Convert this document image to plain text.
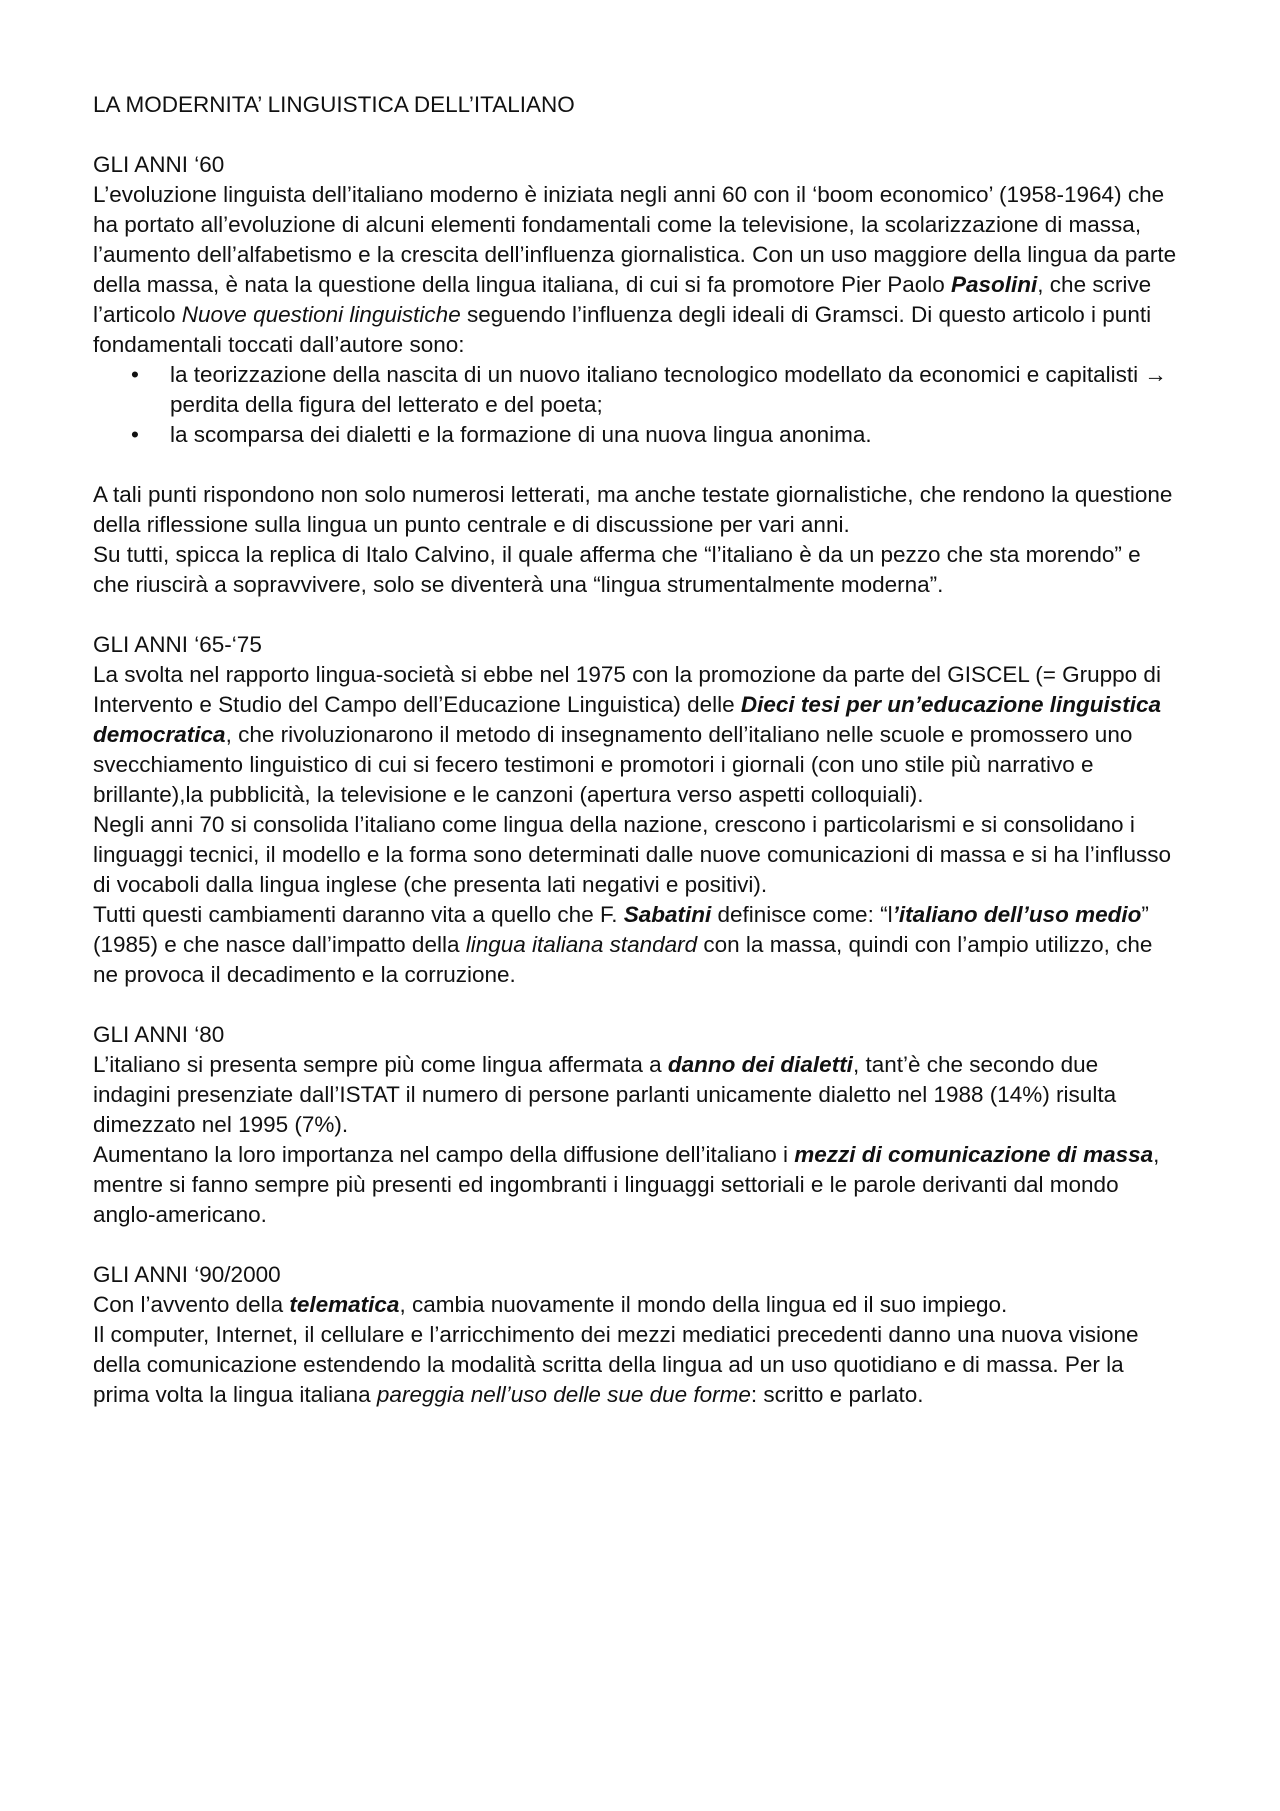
LA MODERNITA’ LINGUISTICA DELL’ITALIANO

GLI ANNI ‘60

L’evoluzione linguista dell’italiano moderno è iniziata negli anni 60 con il ‘boom economico’ (1958-1964) che ha portato all’evoluzione di alcuni elementi fondamentali come la televisione, la scolarizzazione di massa, l’aumento dell’alfabetismo e la crescita dell’influenza giornalistica. Con un uso maggiore della lingua da parte della massa, è nata la questione della lingua italiana, di cui si fa promotore Pier Paolo Pasolini, che scrive l’articolo Nuove questioni linguistiche seguendo l’influenza degli ideali di Gramsci. Di questo articolo i punti fondamentali toccati dall’autore sono:

• la teorizzazione della nascita di un nuovo italiano tecnologico modellato da economici e capitalisti → perdita della figura del letterato e del poeta;
• la scomparsa dei dialetti e la formazione di una nuova lingua anonima.

A tali punti rispondono non solo numerosi letterati, ma anche testate giornalistiche, che rendono la questione della riflessione sulla lingua un punto centrale e di discussione per vari anni.

Su tutti, spicca la replica di Italo Calvino, il quale afferma che “l’italiano è da un pezzo che sta morendo” e che riuscirà a sopravvivere, solo se diventerà una “lingua strumentalmente moderna”.

GLI ANNI ‘65-‘75

La svolta nel rapporto lingua-società si ebbe nel 1975 con la promozione da parte del GISCEL (= Gruppo di Intervento e Studio del Campo dell’Educazione Linguistica) delle Dieci tesi per un’educazione linguistica democratica, che rivoluzionarono il metodo di insegnamento dell’italiano nelle scuole e promossero uno svecchiamento linguistico di cui si fecero testimoni e promotori i giornali (con uno stile più narrativo e brillante),la pubblicità, la televisione e le canzoni (apertura verso aspetti colloquiali).

Negli anni 70 si consolida l’italiano come lingua della nazione, crescono i particolarismi e si consolidano i linguaggi tecnici, il modello e la forma sono determinati dalle nuove comunicazioni di massa e si ha l’influsso di vocaboli dalla lingua inglese (che presenta lati negativi e positivi).

Tutti questi cambiamenti daranno vita a quello che F. Sabatini definisce come: “l’italiano dell’uso medio” (1985) e che nasce dall’impatto della lingua italiana standard con la massa, quindi con l’ampio utilizzo, che ne provoca il decadimento e la corruzione.

GLI ANNI ‘80

L’italiano si presenta sempre più come lingua affermata a danno dei dialetti, tant’è che secondo due indagini presenziate dall’ISTAT il numero di persone parlanti unicamente dialetto nel 1988 (14%) risulta dimezzato nel 1995 (7%).

Aumentano la loro importanza nel campo della diffusione dell’italiano i mezzi di comunicazione di massa, mentre si fanno sempre più presenti ed ingombranti i linguaggi settoriali e le parole derivanti dal mondo anglo-americano.

GLI ANNI ‘90/2000

Con l’avvento della telematica, cambia nuovamente il mondo della lingua ed il suo impiego.

Il computer, Internet, il cellulare e l’arricchimento dei mezzi mediatici precedenti danno una nuova visione della comunicazione estendendo la modalità scritta della lingua ad un uso quotidiano e di massa. Per la prima volta la lingua italiana pareggia nell’uso delle sue due forme: scritto e parlato.
